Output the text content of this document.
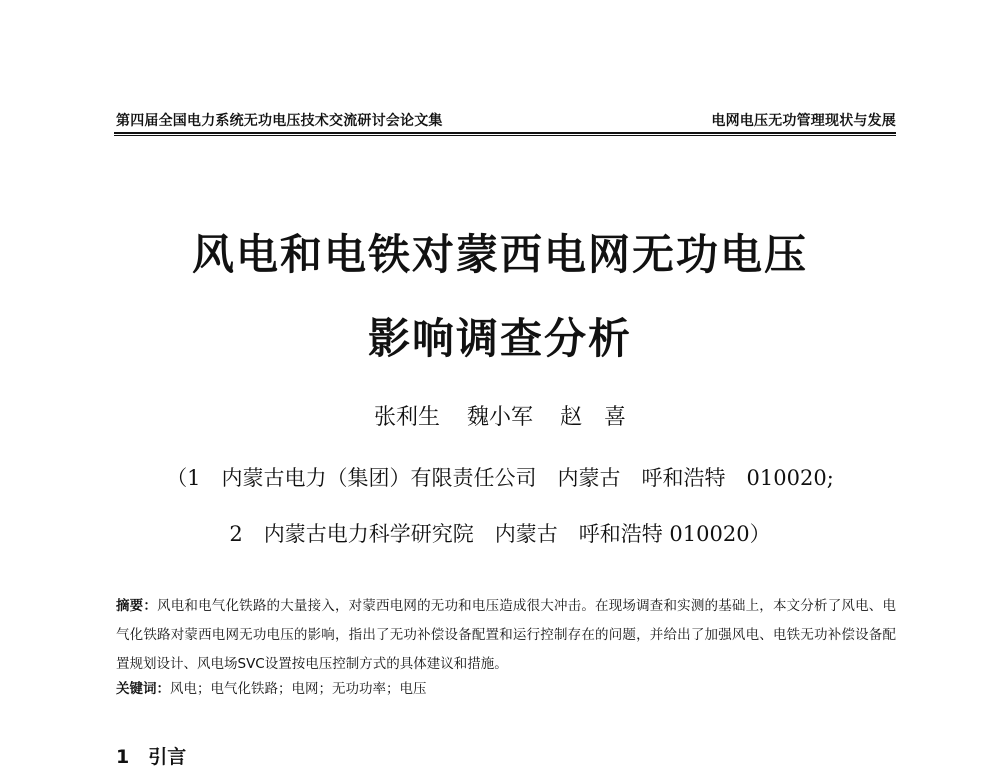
第四届全国电力系统无功电压技术交流研讨会论文集	电网电压无功管理现状与发展
风电和电铁对蒙西电网无功电压
影响调查分析
张利生 魏小军 赵　喜
（1　内蒙古电力（集团）有限责任公司　内蒙古　呼和浩特　010020;
2　内蒙古电力科学研究院　内蒙古　呼和浩特 010020）
摘要：风电和电气化铁路的大量接入，对蒙西电网的无功和电压造成很大冲击。在现场调查和实测的基础上，本文分析了风电、电气化铁路对蒙西电网无功电压的影响，指出了无功补偿设备配置和运行控制存在的问题，并给出了加强风电、电铁无功补偿设备配置规划设计、风电场SVC设置按电压控制方式的具体建议和措施。
关键词：风电；电气化铁路；电网；无功功率；电压
1　引言
